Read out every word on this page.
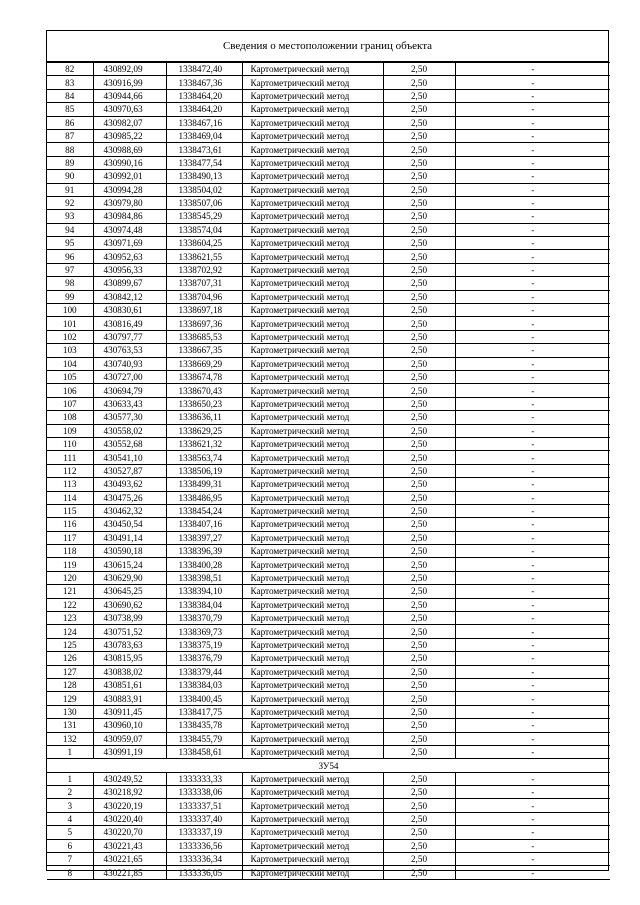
Сведения о местоположении границ объекта
82	430892,09	1338472,40	Картометрический метод	2,50	-
83	430916,99	1338467,36	Картометрический метод	2,50	-
84	430944,66	1338464,20	Картометрический метод	2,50	-
85	430970,63	1338464,20	Картометрический метод	2,50	-
86	430982,07	1338467,16	Картометрический метод	2,50	-
87	430985,22	1338469,04	Картометрический метод	2,50	-
88	430988,69	1338473,61	Картометрический метод	2,50	-
89	430990,16	1338477,54	Картометрический метод	2,50	-
90	430992,01	1338490,13	Картометрический метод	2,50	-
91	430994,28	1338504,02	Картометрический метод	2,50	-
92	430979,80	1338507,06	Картометрический метод	2,50	-
93	430984,86	1338545,29	Картометрический метод	2,50	-
94	430974,48	1338574,04	Картометрический метод	2,50	-
95	430971,69	1338604,25	Картометрический метод	2,50	-
96	430952,63	1338621,55	Картометрический метод	2,50	-
97	430956,33	1338702,92	Картометрический метод	2,50	-
98	430899,67	1338707,31	Картометрический метод	2,50	-
99	430842,12	1338704,96	Картометрический метод	2,50	-
100	430830,61	1338697,18	Картометрический метод	2,50	-
101	430816,49	1338697,36	Картометрический метод	2,50	-
102	430797,77	1338685,53	Картометрический метод	2,50	-
103	430763,53	1338667,35	Картометрический метод	2,50	-
104	430740,93	1338669,29	Картометрический метод	2,50	-
105	430727,00	1338674,78	Картометрический метод	2,50	-
106	430694,79	1338670,43	Картометрический метод	2,50	-
107	430633,43	1338650,23	Картометрический метод	2,50	-
108	430577,30	1338636,11	Картометрический метод	2,50	-
109	430558,02	1338629,25	Картометрический метод	2,50	-
110	430552,68	1338621,32	Картометрический метод	2,50	-
111	430541,10	1338563,74	Картометрический метод	2,50	-
112	430527,87	1338506,19	Картометрический метод	2,50	-
113	430493,62	1338499,31	Картометрический метод	2,50	-
114	430475,26	1338486,95	Картометрический метод	2,50	-
115	430462,32	1338454,24	Картометрический метод	2,50	-
116	430450,54	1338407,16	Картометрический метод	2,50	-
117	430491,14	1338397,27	Картометрический метод	2,50	-
118	430590,18	1338396,39	Картометрический метод	2,50	-
119	430615,24	1338400,28	Картометрический метод	2,50	-
120	430629,90	1338398,51	Картометрический метод	2,50	-
121	430645,25	1338394,10	Картометрический метод	2,50	-
122	430690,62	1338384,04	Картометрический метод	2,50	-
123	430738,99	1338370,79	Картометрический метод	2,50	-
124	430751,52	1338369,73	Картометрический метод	2,50	-
125	430783,63	1338375,19	Картометрический метод	2,50	-
126	430815,95	1338376,79	Картометрический метод	2,50	-
127	430838,02	1338379,44	Картометрический метод	2,50	-
128	430851,61	1338384,03	Картометрический метод	2,50	-
129	430883,91	1338400,45	Картометрический метод	2,50	-
130	430911,45	1338417,75	Картометрический метод	2,50	-
131	430960,10	1338435,78	Картометрический метод	2,50	-
132	430959,07	1338455,79	Картометрический метод	2,50	-
1	430991,19	1338458,61	Картометрический метод	2,50	-
ЗУ54					
1	430249,52	1333333,33	Картометрический метод	2,50	-
2	430218,92	1333338,06	Картометрический метод	2,50	-
3	430220,19	1333337,51	Картометрический метод	2,50	-
4	430220,40	1333337,40	Картометрический метод	2,50	-
5	430220,70	1333337,19	Картометрический метод	2,50	-
6	430221,43	1333336,56	Картометрический метод	2,50	-
7	430221,65	1333336,34	Картометрический метод	2,50	-
8	430221,85	1333336,05	Картометрический метод	2,50	-
